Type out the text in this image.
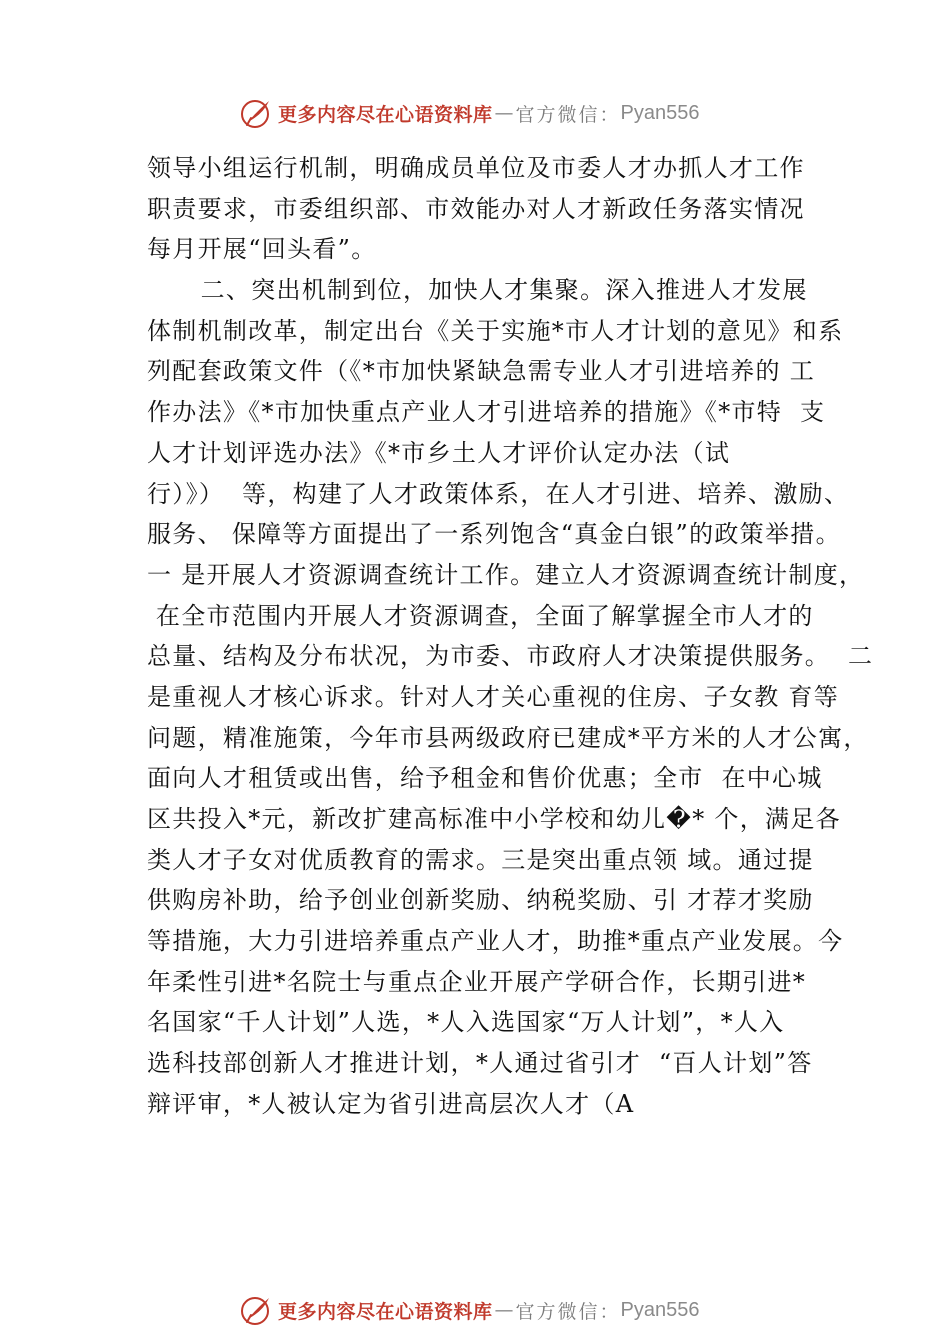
更多内容尽在心语资料库 — 官方微信： Pyan556
领导小组运行机制，明确成员单位及市委人才办抓人才工作
职责要求，市委组织部、市效能办对人才新政任务落实情况
每月开展“回头看”。
二、突出机制到位，加快人才集聚。深入推进人才发展
体制机制改革，制定出台《关于实施*市人才计划的意见》和系
列配套政策文件（《*市加快紧缺急需专业人才引进培养的 工
作办法》《*市加快重点产业人才引进培养的措施》《*市特  支
人才计划评选办法》《*市乡土人才评价认定办法（试
行）》）  等，构建了人才政策体系，在人才引进、培养、激励、
服务、 保障等方面提出了一系列饱含“真金白银”的政策举措。
一 是开展人才资源调查统计工作。建立人才资源调查统计制度，
在全市范围内开展人才资源调查，全面了解掌握全市人才的
总量、结构及分布状况，为市委、市政府人才决策提供服务。  二
是重视人才核心诉求。针对人才关心重视的住房、子女教 育等
问题，精准施策，今年市县两级政府已建成*平方米的人才公寓，
面向人才租赁或出售，给予租金和售价优惠；全市  在中心城
区共投入*元，新改扩建高标准中小学校和幼儿�* 个，满足各
类人才子女对优质教育的需求。三是突出重点领 域。通过提
供购房补助，给予创业创新奖励、纳税奖励、引 才荐才奖励
等措施，大力引进培养重点产业人才，助推*重点产业发展。今
年柔性引进*名院士与重点企业开展产学研合作，长期引进*
名国家“千人计划”人选，*人入选国家“万人计划”，*人入
选科技部创新人才推进计划，*人通过省引才  “百人计划”答
辩评审，*人被认定为省引进高层次人才（A
更多内容尽在心语资料库 — 官方微信： Pyan556
